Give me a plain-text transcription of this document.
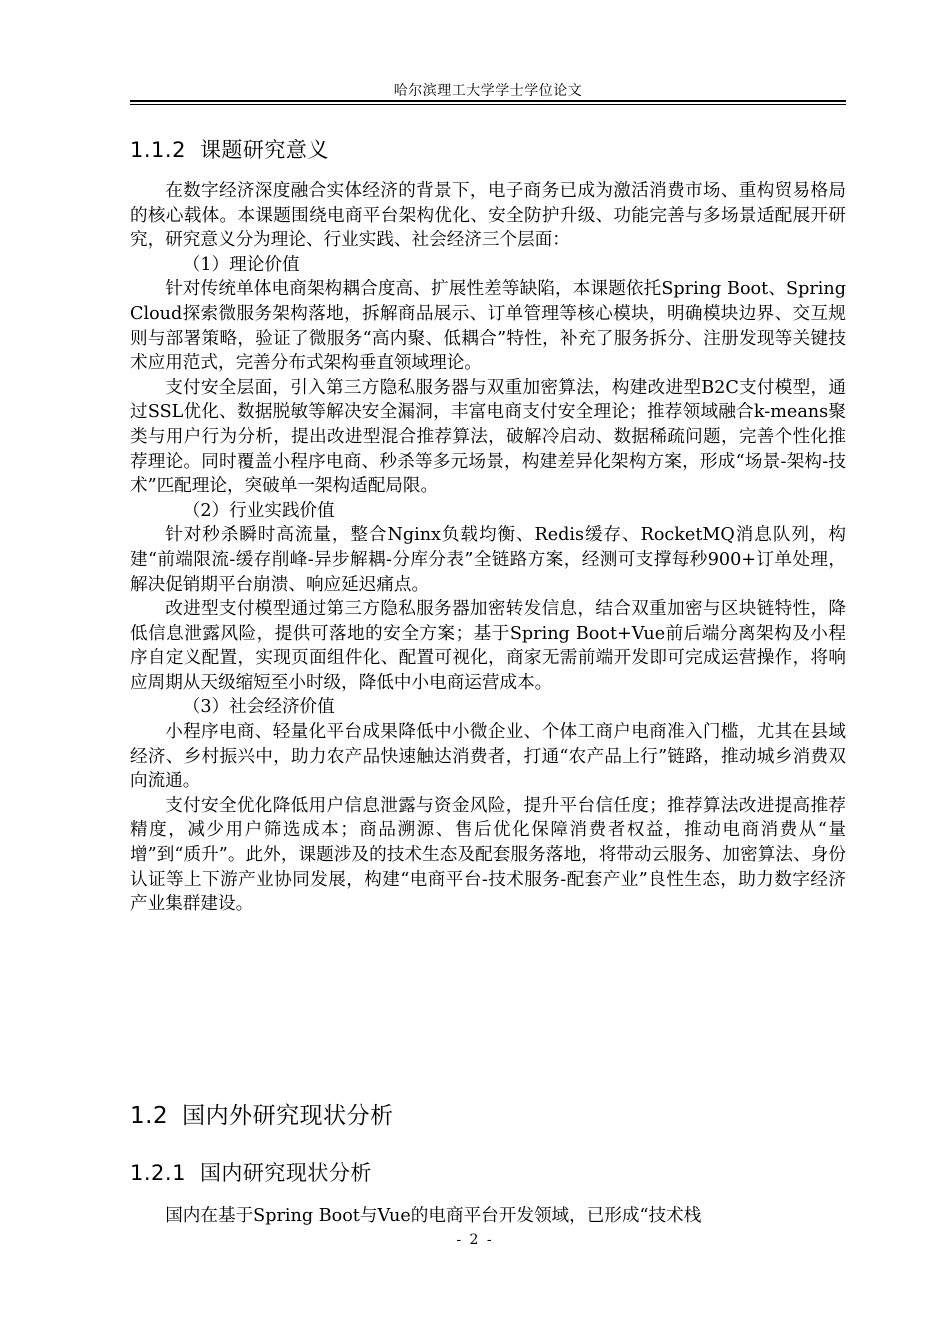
哈尔滨理工大学学士学位论文
1.1.2 课题研究意义

在数字经济深度融合实体经济的背景下，电子商务已成为激活消费市场、重构贸易格局的核心载体。本课题围绕电商平台架构优化、安全防护升级、功能完善与多场景适配展开研究，研究意义分为理论、行业实践、社会经济三个层面：

（1）理论价值

针对传统单体电商架构耦合度高、扩展性差等缺陷，本课题依托Spring Boot、Spring Cloud探索微服务架构落地，拆解商品展示、订单管理等核心模块，明确模块边界、交互规则与部署策略，验证了微服务“高内聚、低耦合”特性，补充了服务拆分、注册发现等关键技术应用范式，完善分布式架构垂直领域理论。

支付安全层面，引入第三方隐私服务器与双重加密算法，构建改进型B2C支付模型，通过SSL优化、数据脱敏等解决安全漏洞，丰富电商支付安全理论；推荐领域融合k-means聚类与用户行为分析，提出改进型混合推荐算法，破解冷启动、数据稀疏问题，完善个性化推荐理论。同时覆盖小程序电商、秒杀等多元场景，构建差异化架构方案，形成“场景-架构-技术”匹配理论，突破单一架构适配局限。

（2）行业实践价值

针对秒杀瞬时高流量，整合Nginx负载均衡、Redis缓存、RocketMQ消息队列，构建“前端限流-缓存削峰-异步解耦-分库分表”全链路方案，经测可支撑每秒900+订单处理，解决促销期平台崩溃、响应延迟痛点。

改进型支付模型通过第三方隐私服务器加密转发信息，结合双重加密与区块链特性，降低信息泄露风险，提供可落地的安全方案；基于Spring Boot+Vue前后端分离架构及小程序自定义配置，实现页面组件化、配置可视化，商家无需前端开发即可完成运营操作，将响应周期从天级缩短至小时级，降低中小电商运营成本。

（3）社会经济价值

小程序电商、轻量化平台成果降低中小微企业、个体工商户电商准入门槛，尤其在县域经济、乡村振兴中，助力农产品快速触达消费者，打通“农产品上行”链路，推动城乡消费双向流通。

支付安全优化降低用户信息泄露与资金风险，提升平台信任度；推荐算法改进提高推荐精度，减少用户筛选成本；商品溯源、售后优化保障消费者权益，推动电商消费从“量增”到“质升”。此外，课题涉及的技术生态及配套服务落地，将带动云服务、加密算法、身份认证等上下游产业协同发展，构建“电商平台-技术服务-配套产业”良性生态，助力数字经济产业集群建设。

1.2 国内外研究现状分析
1.2.1 国内研究现状分析

国内在基于Spring Boot与Vue的电商平台开发领域，已形成“技术栈

- 2 -
